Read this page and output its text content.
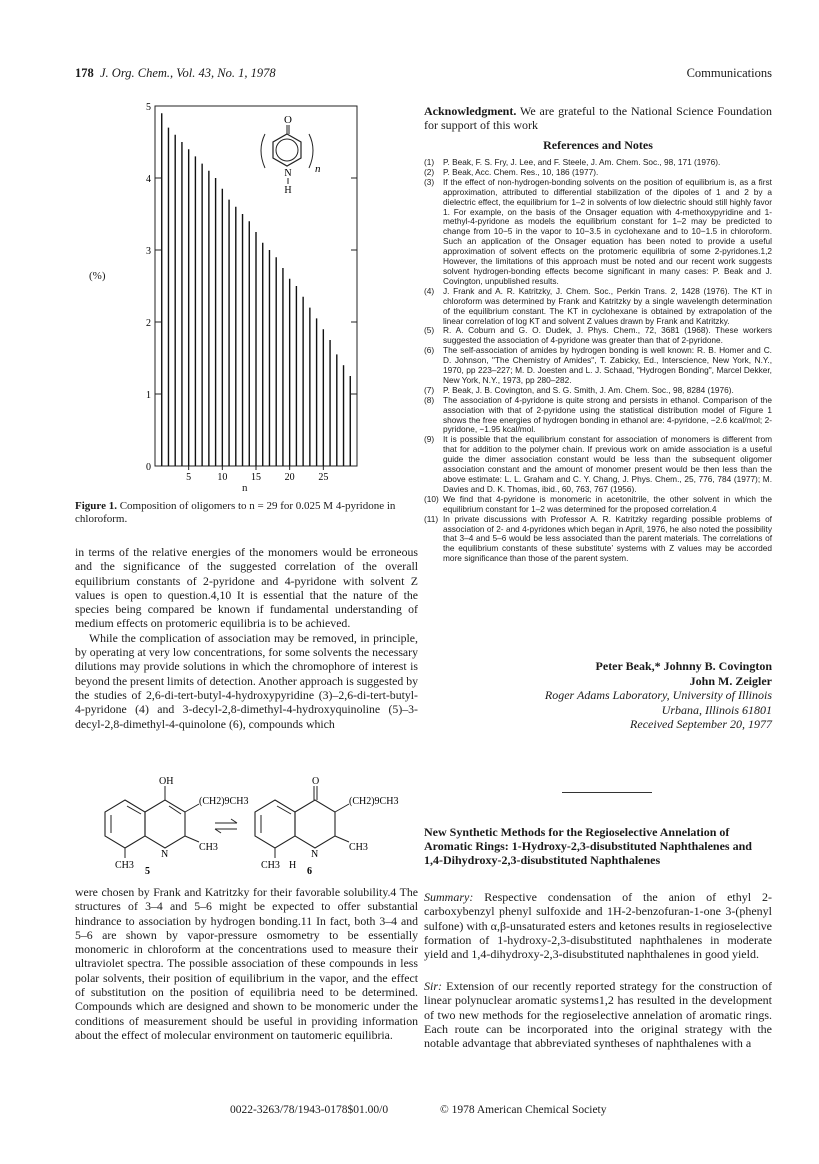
178 J. Org. Chem., Vol. 43, No. 1, 1978	Communications
0
1
2
3
4
5
5	10 15 20 25
O
N
H
n
(%)
n
Figure 1. Composition of oligomers to n = 29 for 0.025 M 4-pyridone in chloroform.

in terms of the relative energies of the monomers would be erroneous and the significance of the suggested correlation of the overall equilibrium constants of 2-pyridone and 4-pyridone with solvent Z values is open to question.4,10 It is essential that the nature of the species being compared be known if fundamental understanding of medium effects on protomeric equilibria is to be achieved.

While the complication of association may be removed, in principle, by operating at very low concentrations, for some solvents the necessary dilutions may provide solutions in which the chromophore of interest is beyond the present limits of detection. Another approach is suggested by the studies of 2,6-di-tert-butyl-4-hydroxypyridine (3)–2,6-di-tert-butyl-4-pyridone (4) and 3-decyl-2,8-dimethyl-4-hydroxyquinoline (5)–3-decyl-2,8-dimethyl-4-quinolone (6), compounds which

OH
(CH2)9CH3
N
CH3
CH3
5
O
(CH2)9CH3
N
CH3
CH3 H
6

were chosen by Frank and Katritzky for their favorable solubility.4 The structures of 3–4 and 5–6 might be expected to offer substantial hindrance to association by hydrogen bonding.11 In fact, both 3–4 and 5–6 are shown by vapor-pressure osmometry to be essentially monomeric in chloroform at the concentrations used to measure their ultraviolet spectra. The possible association of these compounds in less polar solvents, their position of equilibrium in the vapor, and the effect of substitution on the position of equilibria need to be determined. Compounds which are designed and shown to be monomeric under the conditions of measurement should be useful in providing information about the effect of molecular environment on tautomeric equilibria.

Acknowledgment. We are grateful to the National Science Foundation for support of this work
References and Notes
(1)	P. Beak, F. S. Fry, J. Lee, and F. Steele, J. Am. Chem. Soc., 98, 171 (1976).
(2)	P. Beak, Acc. Chem. Res., 10, 186 (1977).
(3)	If the effect of non-hydrogen-bonding solvents on the position of equilibrium is, as a first approximation, attributed to differential stabilization of the dipoles of 1 and 2 by a dielectric effect, the equilibrium for 1–2 in solvents of low dielectric should still highly favor 1. For example, on the basis of the Onsager equation with 4-methoxypyridine and 1-methyl-4-pyridone as models the equilibrium constant for 1–2 may be predicted to change from 10−5 in the vapor to 10−3.5 in cyclohexane and to 10−1.5 in chloroform. Such an application of the Onsager equation has been noted to provide a useful approximation of solvent effects on the protomeric equilibria of some 2-pyridones.1,2 However, the limitations of this approach must be noted and our recent work suggests solvent hydrogen-bonding effects become significant in many cases: P. Beak and J. Covington, unpublished results.
(4)	J. Frank and A. R. Katritzky, J. Chem. Soc., Perkin Trans. 2, 1428 (1976). The KT in chloroform was determined by Frank and Katritzky by a single wavelength determination of the equilibrium constant. The KT in cyclohexane is obtained by extrapolation of the linear correlation of log KT and solvent Z values drawn by Frank and Katritzky.
(5)	R. A. Coburn and G. O. Dudek, J. Phys. Chem., 72, 3681 (1968). These workers suggested the association of 4-pyridone was greater than that of 2-pyridone.
(6)	The self-association of amides by hydrogen bonding is well known: R. B. Homer and C. D. Johnson, "The Chemistry of Amides", T. Zabicky, Ed., Interscience, New York, N.Y., 1970, pp 223–227; M. D. Joesten and L. J. Schaad, "Hydrogen Bonding", Marcel Dekker, New York, N.Y., 1973, pp 280–282.
(7)	P. Beak, J. B. Covington, and S. G. Smith, J. Am. Chem. Soc., 98, 8284 (1976).
(8)	The association of 4-pyridone is quite strong and persists in ethanol. Comparison of the association with that of 2-pyridone using the statistical distribution model of Figure 1 shows the free energies of hydrogen bonding in ethanol are: 4-pyridone, −2.6 kcal/mol; 2-pyridone, −1.95 kcal/mol.
(9)	It is possible that the equilibrium constant for association of monomers is different from that for addition to the polymer chain. If previous work on amide association is a useful guide the dimer association constant would be less than the subsequent oligomer association constant and the amount of monomer present would be then less than the above estimate: L. L. Graham and C. Y. Chang, J. Phys. Chem., 25, 776, 784 (1977); M. Davies and D. K. Thomas, ibid., 60, 763, 767 (1956).
(10) We find that 4-pyridone is monomeric in acetonitrile, the other solvent in which the equilibrium constant for 1–2 was determined for the proposed correlation.4
(11) In private discussions with Professor A. R. Katritzky regarding possible problems of association of 2- and 4-pyridones which began in April, 1976, he also noted the possibility that 3–4 and 5–6 would be less associated than the parent materials. The correlations of the equilibrium constants of these substitute’ systems with Z values may be accorded more significance than those of the parent system.
Peter Beak,* Johnny B. Covington
John M. Zeigler
Roger Adams Laboratory, University of Illinois
Urbana, Illinois 61801
Received September 20, 1977
New Synthetic Methods for the Regioselective Annelation of Aromatic Rings: 1-Hydroxy-2,3-disubstituted Naphthalenes and 1,4-Dihydroxy-2,3-disubstituted Naphthalenes
Summary: Respective condensation of the anion of ethyl 2-carboxybenzyl phenyl sulfoxide and 1H-2-benzofuran-1-one 3-(phenyl sulfone) with α,β-unsaturated esters and ketones results in regioselective formation of 1-hydroxy-2,3-disubstituted naphthalenes in moderate yield and 1,4-dihydroxy-2,3-disubstituted naphthalenes in good yield.
Sir: Extension of our recently reported strategy for the construction of linear polynuclear aromatic systems1,2 has resulted in the development of two new methods for the regioselective annelation of aromatic rings. Each route can be incorporated into the original strategy with the notable advantage that abbreviated syntheses of naphthalenes with a
0022-3263/78/1943-0178$01.00/0	© 1978 American Chemical Society
